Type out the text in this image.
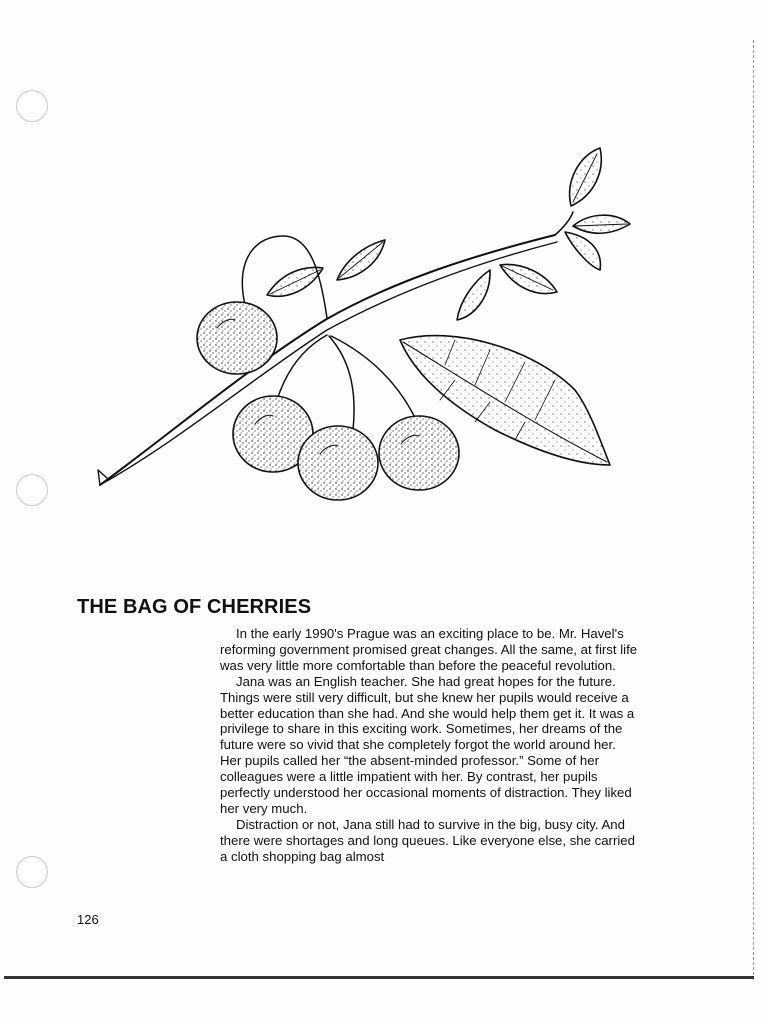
THE BAG OF CHERRIES

In the early 1990's Prague was an exciting place to be. Mr. Havel's reforming government promised great changes. All the same, at first life was very little more comfortable than before the peaceful revolution.

Jana was an English teacher. She had great hopes for the future. Things were still very difficult, but she knew her pupils would receive a better education than she had. And she would help them get it. It was a privilege to share in this exciting work. Sometimes, her dreams of the future were so vivid that she completely forgot the world around her. Her pupils called her “the absent-minded professor.” Some of her colleagues were a little impatient with her. By contrast, her pupils perfectly understood her occasional moments of distraction. They liked her very much.

Distraction or not, Jana still had to survive in the big, busy city. And there were shortages and long queues. Like everyone else, she carried a cloth shopping bag almost

126
